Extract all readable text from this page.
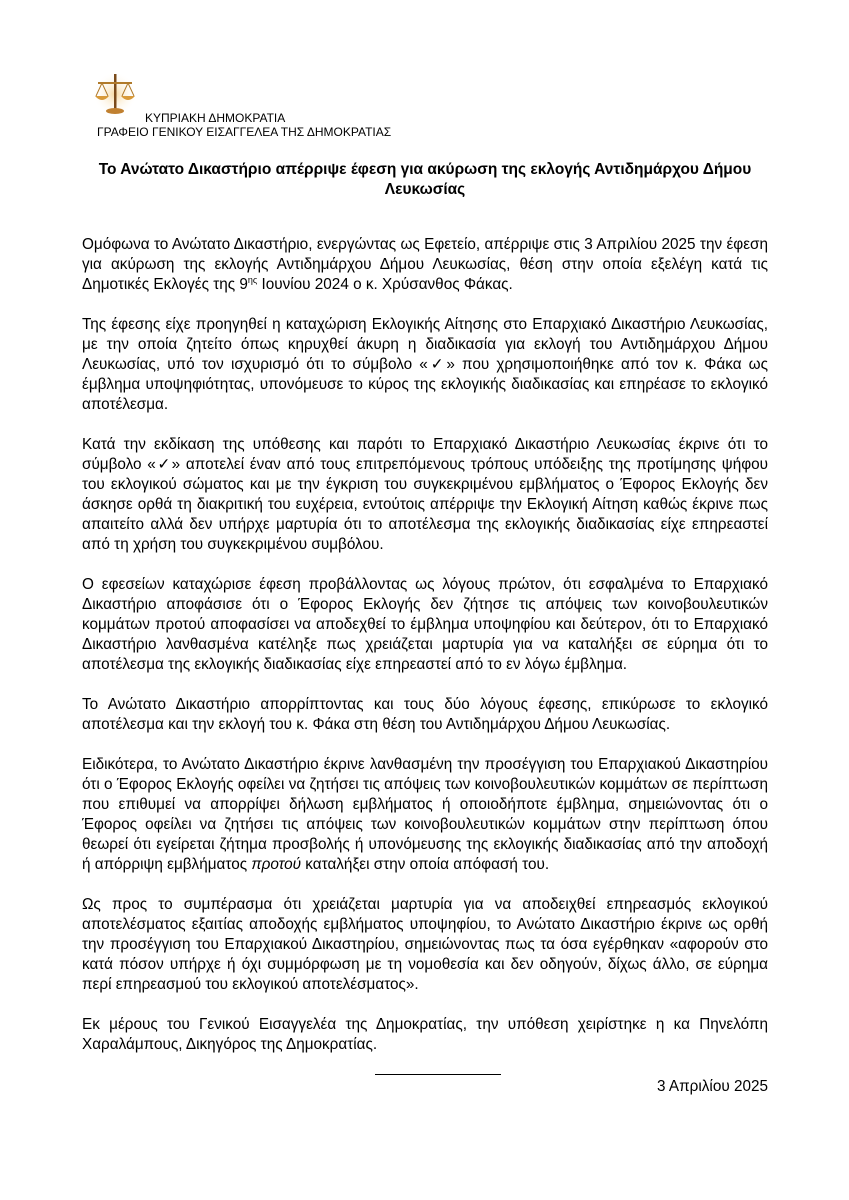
ΚΥΠΡΙΑΚΗ ΔΗΜΟΚΡΑΤΙΑ
ΓΡΑΦΕΙΟ ΓΕΝΙΚΟΥ ΕΙΣΑΓΓΕΛΕΑ ΤΗΣ ΔΗΜΟΚΡΑΤΙΑΣ
Το Ανώτατο Δικαστήριο απέρριψε έφεση για ακύρωση της εκλογής Αντιδημάρχου Δήμου Λευκωσίας

Ομόφωνα το Ανώτατο Δικαστήριο, ενεργώντας ως Εφετείο, απέρριψε στις 3 Απριλίου 2025 την έφεση για ακύρωση της εκλογής Αντιδημάρχου Δήμου Λευκωσίας, θέση στην οποία εξελέγη κατά τις Δημοτικές Εκλογές της $9^{\eta\varsigma}$ Ιουνίου 2024 ο κ. Χρύσανθος Φάκας.

Της έφεσης είχε προηγηθεί η καταχώριση Εκλογικής Αίτησης στο Επαρχιακό Δικαστήριο Λευκωσίας, με την οποία ζητείτο όπως κηρυχθεί άκυρη η διαδικασία για εκλογή του Αντιδημάρχου Δήμου Λευκωσίας, υπό τον ισχυρισμό ότι το σύμβολο «✓» που χρησιμοποιήθηκε από τον κ. Φάκα ως έμβλημα υποψηφιότητας, υπονόμευσε το κύρος της εκλογικής διαδικασίας και επηρέασε το εκλογικό αποτέλεσμα.

Κατά την εκδίκαση της υπόθεσης και παρότι το Επαρχιακό Δικαστήριο Λευκωσίας έκρινε ότι το σύμβολο «✓» αποτελεί έναν από τους επιτρεπόμενους τρόπους υπόδειξης της προτίμησης ψήφου του εκλογικού σώματος και με την έγκριση του συγκεκριμένου εμβλήματος ο Έφορος Εκλογής δεν άσκησε ορθά τη διακριτική του ευχέρεια, εντούτοις απέρριψε την Εκλογική Αίτηση καθώς έκρινε πως απαιτείτο αλλά δεν υπήρχε μαρτυρία ότι το αποτέλεσμα της εκλογικής διαδικασίας είχε επηρεαστεί από τη χρήση του συγκεκριμένου συμβόλου.

Ο εφεσείων καταχώρισε έφεση προβάλλοντας ως λόγους πρώτον, ότι εσφαλμένα το Επαρχιακό Δικαστήριο αποφάσισε ότι ο Έφορος Εκλογής δεν ζήτησε τις απόψεις των κοινοβουλευτικών κομμάτων προτού αποφασίσει να αποδεχθεί το έμβλημα υποψηφίου και δεύτερον, ότι το Επαρχιακό Δικαστήριο λανθασμένα κατέληξε πως χρειάζεται μαρτυρία για να καταλήξει σε εύρημα ότι το αποτέλεσμα της εκλογικής διαδικασίας είχε επηρεαστεί από το εν λόγω έμβλημα.

Το Ανώτατο Δικαστήριο απορρίπτοντας και τους δύο λόγους έφεσης, επικύρωσε το εκλογικό αποτέλεσμα και την εκλογή του κ. Φάκα στη θέση του Αντιδημάρχου Δήμου Λευκωσίας.

Ειδικότερα, το Ανώτατο Δικαστήριο έκρινε λανθασμένη την προσέγγιση του Επαρχιακού Δικαστηρίου ότι ο Έφορος Εκλογής οφείλει να ζητήσει τις απόψεις των κοινοβουλευτικών κομμάτων σε περίπτωση που επιθυμεί να απορρίψει δήλωση εμβλήματος ή οποιοδήποτε έμβλημα, σημειώνοντας ότι ο Έφορος οφείλει να ζητήσει τις απόψεις των κοινοβουλευτικών κομμάτων στην περίπτωση όπου θεωρεί ότι εγείρεται ζήτημα προσβολής ή υπονόμευσης της εκλογικής διαδικασίας από την αποδοχή ή απόρριψη εμβλήματος προτού καταλήξει στην οποία απόφασή του.

Ως προς το συμπέρασμα ότι χρειάζεται μαρτυρία για να αποδειχθεί επηρεασμός εκλογικού αποτελέσματος εξαιτίας αποδοχής εμβλήματος υποψηφίου, το Ανώτατο Δικαστήριο έκρινε ως ορθή την προσέγγιση του Επαρχιακού Δικαστηρίου, σημειώνοντας πως τα όσα εγέρθηκαν «αφορούν στο κατά πόσον υπήρχε ή όχι συμμόρφωση με τη νομοθεσία και δεν οδηγούν, δίχως άλλο, σε εύρημα περί επηρεασμού του εκλογικού αποτελέσματος».

Εκ μέρους του Γενικού Εισαγγελέα της Δημοκρατίας, την υπόθεση χειρίστηκε η κα Πηνελόπη Χαραλάμπους, Δικηγόρος της Δημοκρατίας.

3 Απριλίου 2025
